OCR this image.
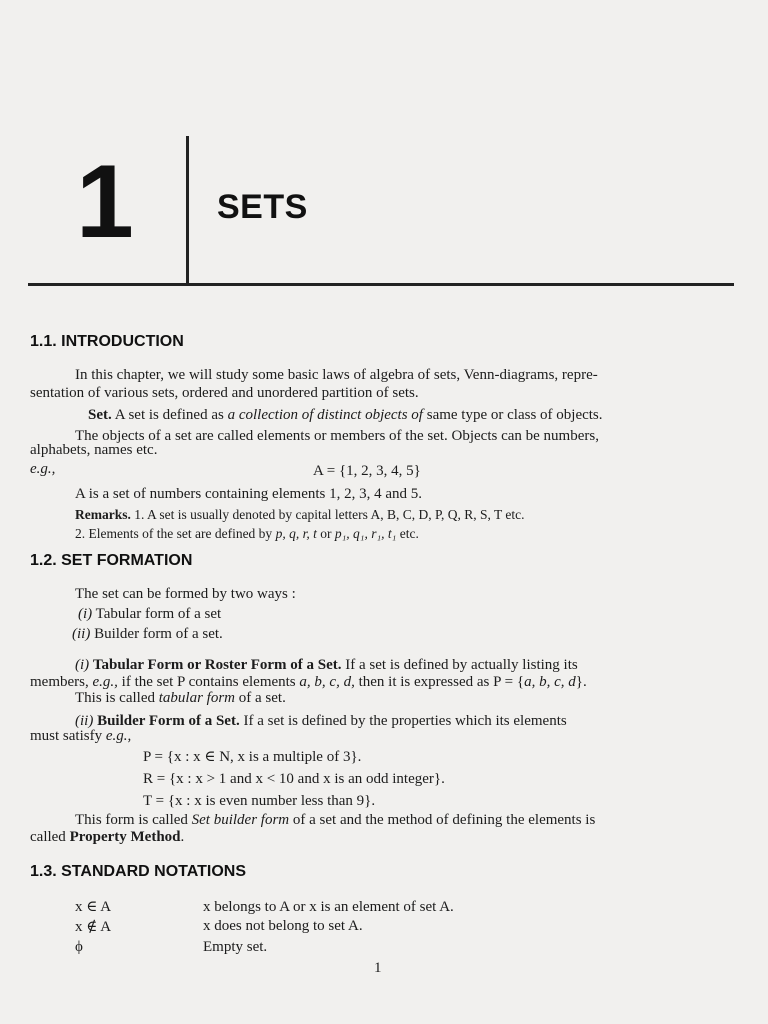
1 SETS
1.1. INTRODUCTION
In this chapter, we will study some basic laws of algebra of sets, Venn-diagrams, repre-
sentation of various sets, ordered and unordered partition of sets.
Set. A set is defined as a collection of distinct objects of same type or class of objects.
The objects of a set are called elements or members of the set. Objects can be numbers,
alphabets, names etc.
e.g.,	A = {1, 2, 3, 4, 5}
A is a set of numbers containing elements 1, 2, 3, 4 and 5.
Remarks. 1. A set is usually denoted by capital letters A, B, C, D, P, Q, R, S, T etc.
2. Elements of the set are defined by p, q, r, t or p₁, q₁, r₁, t₁ etc.
1.2. SET FORMATION
The set can be formed by two ways :
(i) Tabular form of a set
(ii) Builder form of a set.
(i) Tabular Form or Roster Form of a Set. If a set is defined by actually listing its
members, e.g., if the set P contains elements a, b, c, d, then it is expressed as P = {a, b, c, d}.
This is called tabular form of a set.
(ii) Builder Form of a Set. If a set is defined by the properties which its elements
must satisfy e.g.,
P = {x : x ∈ N, x is a multiple of 3}.
R = {x : x > 1 and x < 10 and x is an odd integer}.
T = {x : x is even number less than 9}.
This form is called Set builder form of a set and the method of defining the elements is
called Property Method.
1.3. STANDARD NOTATIONS
x ∈ A	x belongs to A or x is an element of set A.
x ∉ A	x does not belong to set A.
ϕ	Empty set.
1
